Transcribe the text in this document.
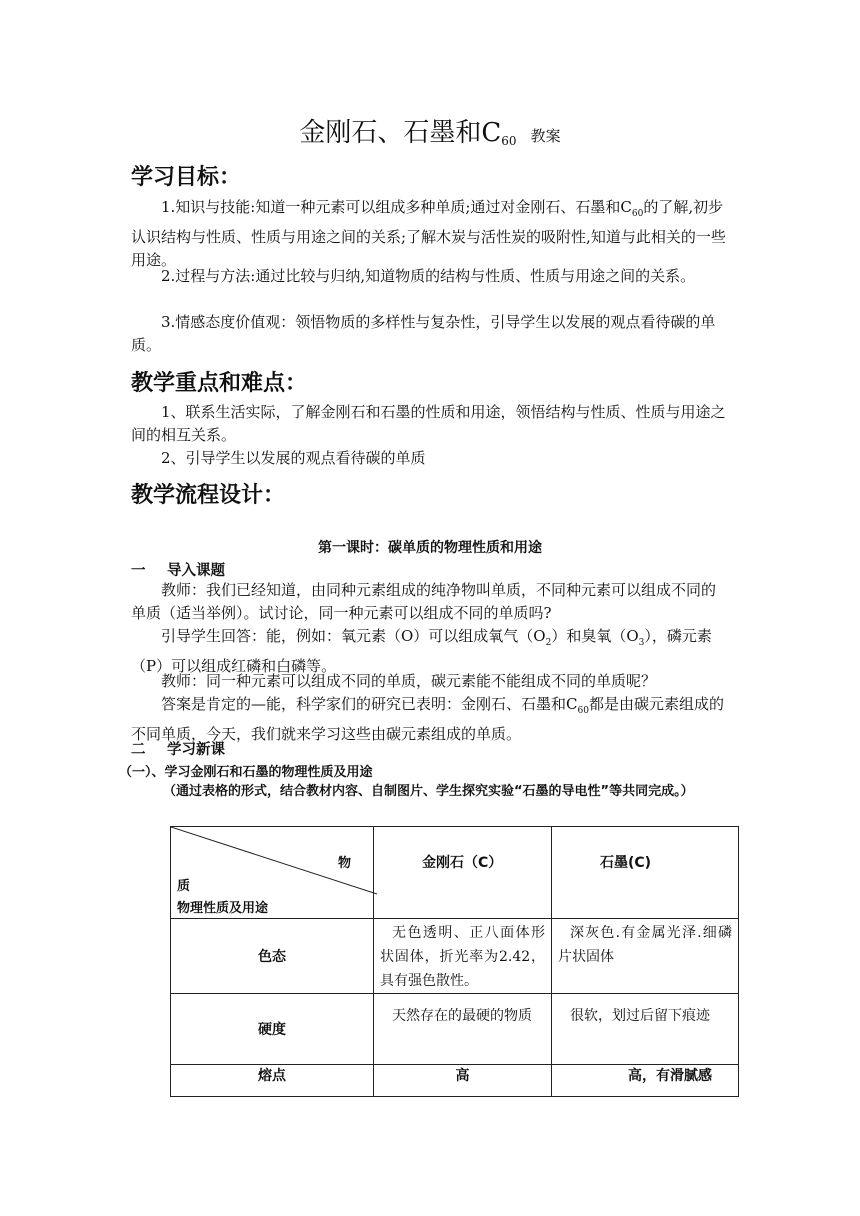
金刚石、石墨和$C_{60}$ 教案
学习目标：

1.知识与技能:知道一种元素可以组成多种单质;通过对金刚石、石墨和$C_{60}$的了解,初步认识结构与性质、性质与用途之间的关系;了解木炭与活性炭的吸附性,知道与此相关的一些用途。

2.过程与方法:通过比较与归纳,知道物质的结构与性质、性质与用途之间的关系。

3.情感态度价值观：领悟物质的多样性与复杂性，引导学生以发展的观点看待碳的单质。

教学重点和难点：

1、联系生活实际，了解金刚石和石墨的性质和用途，领悟结构与性质、性质与用途之间的相互关系。

2、引导学生以发展的观点看待碳的单质

教学流程设计：
第一课时：碳单质的物理性质和用途
一 导入课题

教师：我们已经知道，由同种元素组成的纯净物叫单质，不同种元素可以组成不同的单质（适当举例）。试讨论，同一种元素可以组成不同的单质吗?

引导学生回答：能，例如：氧元素（O）可以组成氧气$(O_2)$和臭氧$(O_3)$，磷元素（P）可以组成红磷和白磷等。

教师：同一种元素可以组成不同的单质，碳元素能不能组成不同的单质呢？

答案是肯定的—能，科学家们的研究已表明：金刚石、石墨和$C_{60}$都是由碳元素组成的不同单质，今天，我们就来学习这些由碳元素组成的单质。

二 学习新课
（一）、学习金刚石和石墨的物理性质及用途

（通过表格的形式，结合教材内容、自制图片、学生探究实验“石墨的导电性”等共同完成。）

物
质
物理性质及用途	金刚石（C）	石墨(C)
色态	无色透明、正八面体形状固体，折光率为2.42，具有强色散性。	深灰色.有金属光泽.细磷片状固体
硬度	天然存在的最硬的物质	很软，划过后留下痕迹
熔点	高	高，有滑腻感
